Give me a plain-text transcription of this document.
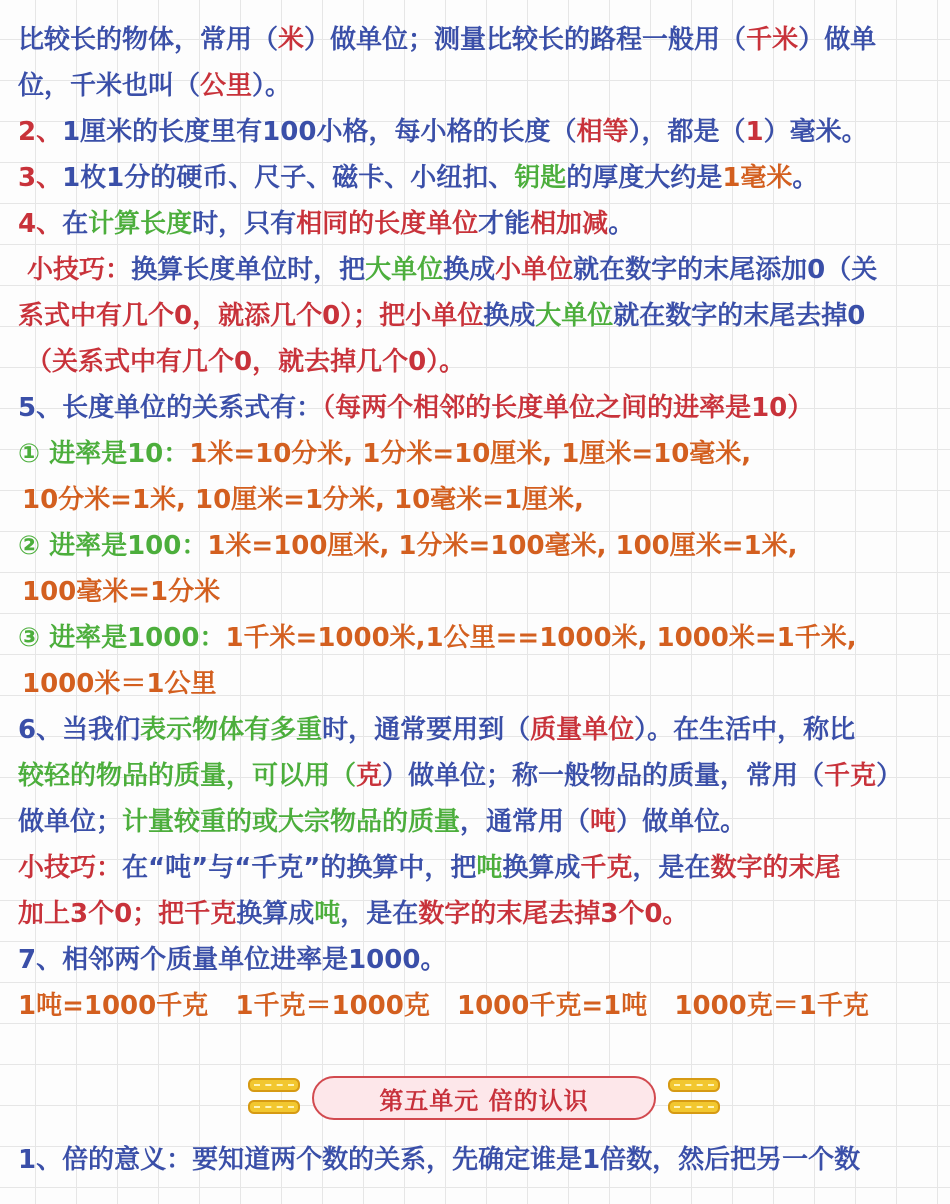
比较长的物体，常用（米）做单位；测量比较长的路程一般用（千米）做单
位，千米也叫（公里）。
2、1厘米的长度里有100小格，每小格的长度（相等），都是（1）毫米。
3、1枚1分的硬币、尺子、磁卡、小纽扣、钥匙的厚度大约是1毫米。
4、在计算长度时，只有相同的长度单位才能相加减。
小技巧：换算长度单位时，把大单位换成小单位就在数字的末尾添加0（关
系式中有几个0，就添几个0）；把小单位换成大单位就在数字的末尾去掉0
（关系式中有几个0，就去掉几个0）。
5、长度单位的关系式有：（每两个相邻的长度单位之间的进率是10）
① 进率是10：1米=10分米, 1分米=10厘米, 1厘米=10毫米,
10分米=1米, 10厘米=1分米, 10毫米=1厘米,
② 进率是100：1米=100厘米, 1分米=100毫米, 100厘米=1米,
100毫米=1分米
③ 进率是1000：1千米=1000米,1公里==1000米, 1000米=1千米,
1000米＝1公里
6、当我们表示物体有多重时，通常要用到（质量单位）。在生活中，称比
较轻的物品的质量，可以用（克）做单位；称一般物品的质量，常用（千克）
做单位；计量较重的或大宗物品的质量，通常用（吨）做单位。
小技巧：在“吨”与“千克”的换算中，把吨换算成千克，是在数字的末尾
加上3个0；把千克换算成吨，是在数字的末尾去掉3个0。
7、相邻两个质量单位进率是1000。
1吨=1000千克   1千克＝1000克   1000千克=1吨   1000克＝1千克
1、倍的意义：要知道两个数的关系，先确定谁是1倍数，然后把另一个数
第五单元 倍的认识
